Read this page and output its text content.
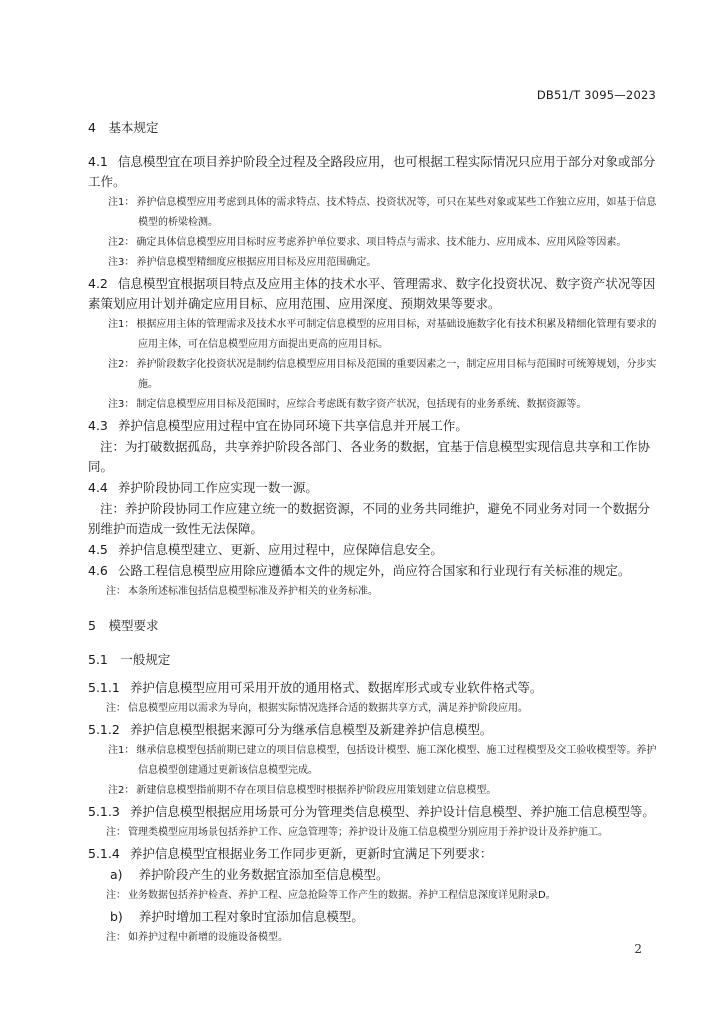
DB51/T 3095—2023
4　基本规定
4.1 信息模型宜在项目养护阶段全过程及全路段应用，也可根据工程实际情况只应用于部分对象或部分工作。
注1： 养护信息模型应用考虑到具体的需求特点、技术特点、投资状况等，可只在某些对象或某些工作独立应用，如基于信息模型的桥梁检测。
注2： 确定具体信息模型应用目标时应考虑养护单位要求、项目特点与需求、技术能力、应用成本、应用风险等因素。
注3： 养护信息模型精细度应根据应用目标及应用范围确定。
4.2 信息模型宜根据项目特点及应用主体的技术水平、管理需求、数字化投资状况、数字资产状况等因素策划应用计划并确定应用目标、应用范围、应用深度、预期效果等要求。
注1： 根据应用主体的管理需求及技术水平可制定信息模型的应用目标，对基础设施数字化有技术积累及精细化管理有要求的应用主体，可在信息模型应用方面提出更高的应用目标。
注2： 养护阶段数字化投资状况是制约信息模型应用目标及范围的重要因素之一，制定应用目标与范围时可统筹规划，分步实施。
注3： 制定信息模型应用目标及范围时，应综合考虑既有数字资产状况，包括现有的业务系统、数据资源等。
4.3 养护信息模型应用过程中宜在协同环境下共享信息并开展工作。
注：为打破数据孤岛，共享养护阶段各部门、各业务的数据，宜基于信息模型实现信息共享和工作协同。
4.4 养护阶段协同工作应实现一数一源。
注：养护阶段协同工作应建立统一的数据资源，不同的业务共同维护，避免不同业务对同一个数据分别维护而造成一致性无法保障。
4.5 养护信息模型建立、更新、应用过程中，应保障信息安全。
4.6 公路工程信息模型应用除应遵循本文件的规定外，尚应符合国家和行业现行有关标准的规定。
注： 本条所述标准包括信息模型标准及养护相关的业务标准。
5　模型要求
5.1　一般规定
5.1.1 养护信息模型应用可采用开放的通用格式、数据库形式或专业软件格式等。
注： 信息模型应用以需求为导向，根据实际情况选择合适的数据共享方式，满足养护阶段应用。
5.1.2 养护信息模型根据来源可分为继承信息模型及新建养护信息模型。
注1： 继承信息模型包括前期已建立的项目信息模型，包括设计模型、施工深化模型、施工过程模型及交工验收模型等。养护信息模型创建通过更新该信息模型完成。
注2： 新建信息模型指前期不存在项目信息模型时根据养护阶段应用策划建立信息模型。
5.1.3 养护信息模型根据应用场景可分为管理类信息模型、养护设计信息模型、养护施工信息模型等。
注： 管理类模型应用场景包括养护工作、应急管理等；养护设计及施工信息模型分别应用于养护设计及养护施工。
5.1.4 养护信息模型宜根据业务工作同步更新，更新时宜满足下列要求：
a) 养护阶段产生的业务数据宜添加至信息模型。
注： 业务数据包括养护检查、养护工程、应急抢险等工作产生的数据。养护工程信息深度详见附录D。
b) 养护时增加工程对象时宜添加信息模型。
注： 如养护过程中新增的设施设备模型。
2
